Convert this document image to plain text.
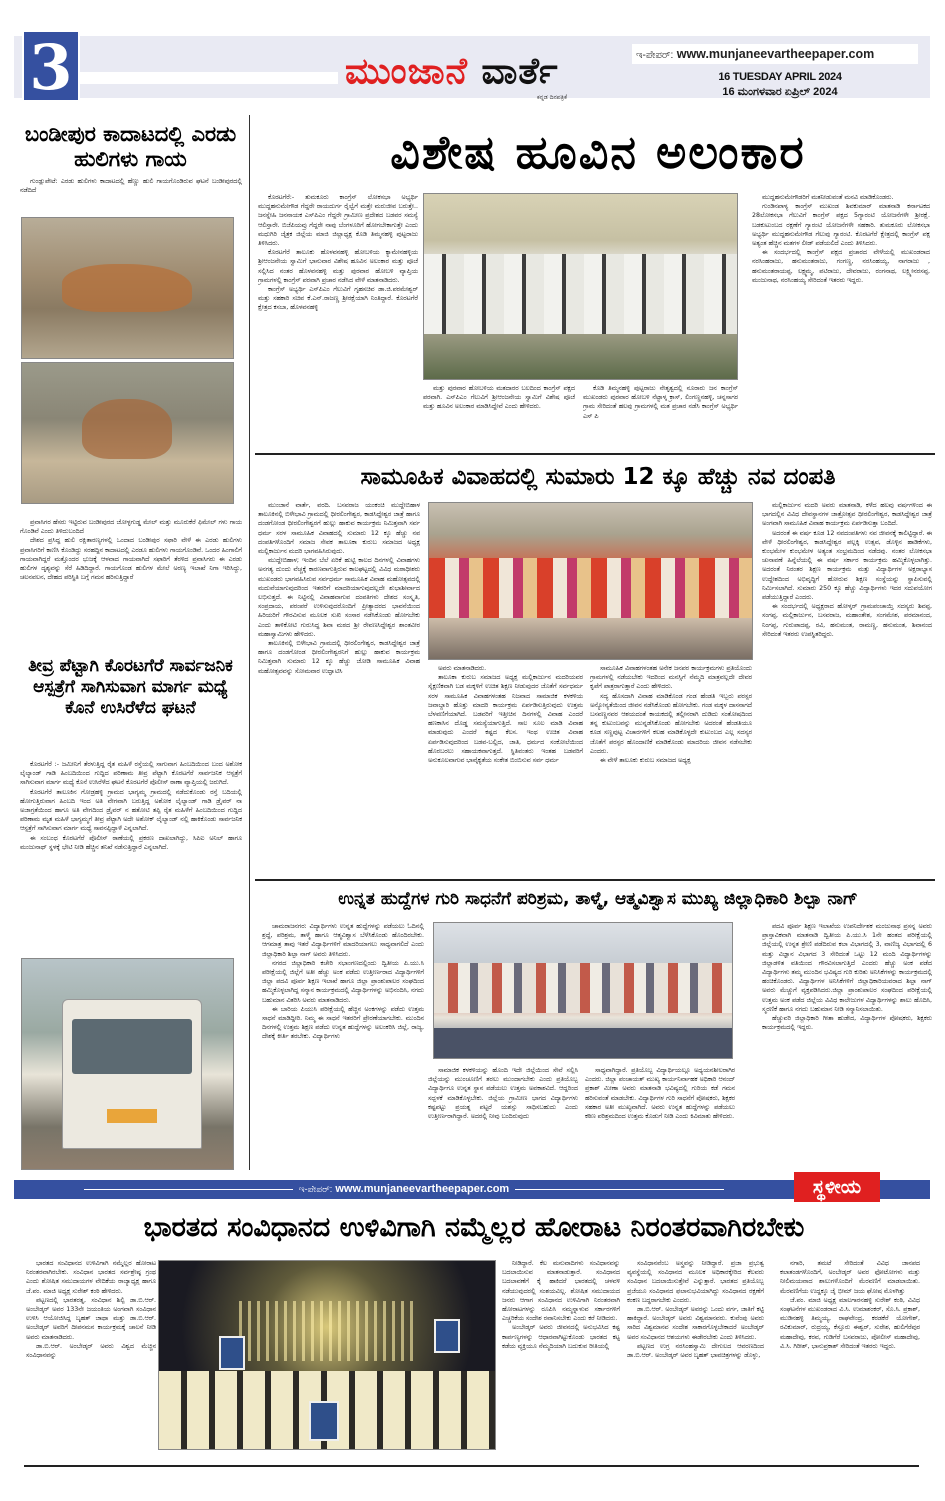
3	ಮುಂಜಾನೆ ವಾರ್ತೆ
ಕನ್ನಡ ದಿನಪತ್ರಿಕೆ
ಇ-ಪೇಪರ್: www.munjaneevartheepaper.com
16 TUESDAY APRIL 2024
16 ಮಂಗಳವಾರ ಏಪ್ರಿಲ್ 2024
ಬಂಡೀಪುರ ಕಾದಾಟದಲ್ಲಿ ಎರಡು ಹುಲಿಗಳು ಗಾಯ

ಗುಂಡ್ಲುಪೇಟೆ: ಎರಡು ಹುಲಿಗಳು ಕಾದಾಟದಲ್ಲಿ ಹೆಣ್ಣು ಹುಲಿ ಗಾಯಗೊಂಡಿರುವ ಘಟನೆ ಬಂಡೀಪುರದಲ್ಲಿ ನಡೆದಿದೆ

ಪ್ರವಾಸಿಗರ ಹೆಸರು ಇಟ್ಟಿರುವ ಬಂಡೀಪುರದ ಜೋಳ್ಳಗುಡ್ಡ ಮೇಲ್ ಮತ್ತು ಮೂರುಕೆರೆ ಫಿಮೇಲ್ ಗಳು ಗಾಯ ಗೊಂಡಿವೆ ಎಂದು ತಿಳಿದುಬಂದಿದೆ

ದೇಶದ ಪ್ರಸಿದ್ಧ ಹುಲಿ ರಕ್ಷಿತಾರಣ್ಯಗಳಲ್ಲಿ ಒಂದಾದ ಬಂಡೀಪುರ ಸಫಾರಿ ವೇಳೆ ಈ ಎರಡು ಹುಲಿಗಳು ಪ್ರವಾಸಿಗರಿಗೆ ಕಾಣಿಸಿ ಕೊಂಡಿದ್ದು ಸರಹದ್ದಿನ ಕಾದಾಟದಲ್ಲಿ ಎರಡೂ ಹುಲಿಗಳು ಗಾಯಗೊಂಡಿವೆ. ಒಂದರ ಹಿಂಗಾಲಿಗೆ ಗಾಯವಾಗಿದ್ದರೆ ಮತ್ತೊಂದರ ಭುಜಕ್ಕೆ ಆಳವಾದ ಗಾಯವಾಗಿದೆ ಸಫಾರಿಗೆ ತೆರಳಿದ ಪ್ರವಾಸಿಗರು ಈ ಎರಡು ಹುಲಿಗಳ ದೃಶ್ಯವನ್ನು ಸೆರೆ ಹಿಡಿದಿದ್ದಾರೆ. ಗಾಯಗೊಂಡ ಹುಲಿಗಳ ಮೇಲೆ ಅರಣ್ಯ ಇಲಾಖೆ ನಿಗಾ ಇರಿಸಿದ್ದು, ಚಲನವಲನ, ದೇಹದ ಪರಿಸ್ಥಿತಿ ಬಗ್ಗೆ ಗಮನ ಹರಿಸುತ್ತಿದ್ದಾರೆ

ತೀವ್ರ ಪೆಟ್ಟಾಗಿ ಕೊರಟಗೆರೆ ಸಾರ್ವಜನಿಕ ಆಸ್ಪತ್ರೆಗೆ ಸಾಗಿಸುವಾಗ ಮಾರ್ಗ ಮಧ್ಯೆ ಕೊನೆ ಉಸಿರೆಳೆದ ಘಟನೆ

ಕೊರಟಗೆರೆ :- ಜಮೀನಿಗೆ ತೆರಳುತ್ತಿದ್ದ ರೈತ ಮಹಿಳೆ ರಸ್ತೆಯಲ್ಲಿ ಸಾಗುವಾಗ ಹಿಂಬದಿಯಿಂದ ಬಂದ ಅಶೋಕ ಲೈಲ್ಯಾಂಡ್ ಗಾಡಿ ಹಿಂಬದಿಯಿಂದ ಗುದ್ದಿದ ಪರಿಣಾಮ ತೀವ್ರ ಪೆಟ್ಟಾಗಿ ಕೊರಟಗೆರೆ ಸಾರ್ವಜನಿಕ ಆಸ್ಪತ್ರೆಗೆ ಸಾಗಿಸುವಾಗ ಮಾರ್ಗ ಮಧ್ಯೆ ಕೊನೆ ಉಸಿರೆಳೆದ ಘಟನೆ ಕೊರಟಗೆರೆ ಪೊಲೀಸ್ ಠಾಣಾ ವ್ಯಾಪ್ತಿಯಲ್ಲಿ ಜರುಗಿದೆ.

ಕೊರಟಗೆರೆ ತಾಲೂಕಿನ ಗೋಡ್ರಹಳ್ಳಿ ಗ್ರಾಮದ ಭಾಗ್ಯಮ್ಮ ಗ್ರಾಮದಲ್ಲಿ ನಡೆದುಕೊಂಡು ರಸ್ತೆ ಬದಿಯಲ್ಲಿ ಹೋಗುತ್ತಿರುವಾಗ ಹಿಂಬದಿ ಇಂದ ಅತಿ ವೇಗವಾಗಿ ಬರುತ್ತಿದ್ದ ಅಶೋಕ ಲೈಲ್ಯಾಂಡ್ ಗಾಡಿ ಡ್ರೈವರ್ ನಾ ಅಜಾಗ್ರತೆಯಿಂದ ಹಾಗೂ ಅತಿ ವೇಗದಿಂದ ಡ್ರೈವರ್ ನ ಹತೋಟಿ ತಪ್ಪಿ ರೈತ ಮಹಿಳೆಗೆ ಹಿಂಬದಿಯಿಂದ ಗುದ್ದಿದ ಪರಿಣಾಮ ಮೃತ ಮಹಿಳೆ ಭಾಗ್ಯಮ್ಮಗೆ ತೀವ್ರ ಪೆಟ್ಟಾಗಿ ಅದೇ ಅಶೋಕ್ ಲೈಲ್ಯಾಂಡ್ ನಲ್ಲಿ ಹಾಕಿಕೊಂಡು ಸಾರ್ವಜನಿಕ ಆಸ್ಪತ್ರೆಗೆ ಸಾಗಿಸುವಾಗ ಮಾರ್ಗ ಮಧ್ಯೆ ಸಾವನಪ್ಪಿದ್ದಾಳೆ ಎನ್ನಲಾಗಿದೆ.

ಈ ಸಂಬಂಧ ಕೊರಟಗೆರೆ ಪೊಲೀಸ್ ಠಾಣೆಯಲ್ಲಿ ಪ್ರಕರಣ ದಾಖಲಾಗಿದ್ದು, ಸಿಪಿಐ ಅನಿಲ್ ಹಾಗೂ ಮಂಜುನಾಥ್ ಸ್ಥಳಕ್ಕೆ ಭೇಟಿ ನೀಡಿ ಹೆಚ್ಚಿನ ತನಿಖೆ ನಡೆಸುತ್ತಿದ್ದಾರೆ ಎನ್ನಲಾಗಿದೆ.

ವಿಶೇಷ ಹೂವಿನ ಅಲಂಕಾರ

ಕೊರಟಗೆರೆ:- ತುಮಕೂರು ಕಾಂಗ್ರೆಸ್ ಲೋಕಸಭಾ ಅಭ್ಯರ್ಥಿ ಮುದ್ದಹನುಮೇಗೌಡ ಗೆದ್ದರೇ ರಾಯದುರ್ಗ ರೈಲ್ವೆಗೆ ಮತ್ತೇ ಮರುಜೀವ ಬರುತ್ತೇ.. ಜನಸ್ನೇಹಿ ಜನನಾಯಕ ಎಸ್‌ಪಿಎಂ ಗೆದ್ದರೇ ಗ್ರಾಮೀಣ ಪ್ರದೇಶದ ಬಡವರ ಸಮಸ್ಯೆ ಆಲಿಸ್ತಾರೇ. ಬಿಜೆಪಿಯವ್ರು ಗೆದ್ದರೇ ನಾವು ಬೆಂಗಳೂರಿಗೆ ಹೋಗಬೇಕಾಗುತ್ತೇ ಎಂದು ಮಧುಗಿರಿ ಜೈತ್ರಕ ಜಿಲ್ಲೆಯ ಮಾಜಿ ಜಿಲ್ಲಾಧ್ಯಕ್ಷ ಕೊಡಿ ತಿಮ್ಮನಹಳ್ಳಿ ಪುಟ್ಟರಾಜು ತಿಳಿಸಿದರು.

ಕೊರಟಗೆರೆ ತಾಲೂಕು ಹೊಳವನಹಳ್ಳಿ ಹೋಬಳಿಯ ಕ್ಯಾಮೇನಹಳ್ಳಿಯ ಶ್ರೀಆಂಜನೇಯ ಸ್ವಾಮಿಗೆ ಭಾನುವಾರ ವಿಶೇಷ ಹೂವಿನ ಅಲಂಕಾರ ಮತ್ತು ಪೂಜೆ ಸಲ್ಲಿಸಿದ ನಂತರ ಹೊಳವನಹಳ್ಳಿ ಮತ್ತು ಪುರವಾರ ಹೋಬಳಿ ವ್ಯಾಪ್ತಿಯ ಗ್ರಾಮಗಳಲ್ಲಿ ಕಾಂಗ್ರೆಸ್ ಪರವಾಗಿ ಪ್ರಚಾರ ನಡೆಸಿದ ವೇಳೆ ಮಾತನಾಡಿದರು.

ಕಾಂಗ್ರೆಸ್ ಅಭ್ಯರ್ಥಿ ಎಸ್‌ಪಿಎಂ ಗೆಲುವಿಗೆ ಗೃಹಸಚಿವ ಡಾ.ಜಿ.ಪರಮೇಶ್ವರ್ ಮತ್ತು ಸಹಕಾರಿ ಸಚಿವ ಕೆ.ಎನ್.ರಾಜಣ್ಣ ಶ್ರೀರಕ್ಷೆಯಾಗಿ ನಿಂತಿದ್ದಾರೆ. ಕೊರಟಗೆರೆ ಕ್ಷೇತ್ರದ ಕಸಬಾ, ಹೊಳವನಹಳ್ಳಿ

ಮತ್ತು ಪುರವಾರ ಹೋಬಳಿಯ ಮತದಾರರ ಬಲದಿಂದ ಕಾಂಗ್ರೆಸ್ ಪಕ್ಷದ ಪರವಾಗಿ. ಎಸ್‌ಪಿಎಂ ಗೆಲುವಿಗೆ ಶ್ರೀಆಂಜನೇಯ ಸ್ವಾಮಿಗೆ ವಿಶೇಷ ಪೂಜೆ ಮತ್ತು ಹೂವಿನ ಅಲಂಕಾರ ಮಾಡಿಸಿದ್ದೇವೆ ಎಂದು ಹೇಳಿದರು.

ಕೊಡಿ ತಿಮ್ಮನಹಳ್ಳಿ ಪುಟ್ಟರಾಜು ನೇತೃತ್ವದಲ್ಲಿ ನೂರಾರು ಜನ ಕಾಂಗ್ರೆಸ್ ಮುಖಂಡರು ಪುರವಾರ ಹೋಬಳಿ ನೆಟ್ಟಾಳ್ಕ ಕ್ರಾಸ್, ಲಿಂಗಣ್ಣನಹಳ್ಳಿ, ಚನ್ನಸಾಗರ ಗ್ರಾಮ ಸೇರಿದಂತೆ ಹಲವು ಗ್ರಾಮಗಳಲ್ಲಿ ಮತ ಪ್ರಚಾರ ನಡೆಸಿ ಕಾಂಗ್ರೆಸ್ ಅಭ್ಯರ್ಥಿ ಎಸ್ ಪಿ

ಮುದ್ದಹನುಮೇಗೌಡರಿಗೆ ಮತನೀಡುವಂತೆ ಮನವಿ ಮಾಡಿಕೊಂಡರು.

ಗುಂಡಿನಪಾಳ್ಯ ಕಾಂಗ್ರೆಸ್ ಮುಖಂಡ ಶಿವಕುಮಾರ್ ಮಾತನಾಡಿ ಕರ್ನಾಟಕದ 28ಲೋಕಸಭಾ ಗೆಲುವಿಗೆ ಕಾಂಗ್ರೆಸ್ ಪಕ್ಷದ 5ಗ್ಯಾರಂಟಿ ಯೋಜನೆಗಳೇ ಶ್ರೀರಕ್ಷೆ. ಬಡಕುಟುಂಬದ ರಕ್ಷಣೆಗೆ ಗ್ಯಾರಂಟಿ ಯೋಜನೆಗಳೇ ಸಹಕಾರಿ. ತುಮಕೂರು ಲೋಕಸಭಾ ಅಭ್ಯರ್ಥಿ ಮುದ್ದಹನುಮೇಗೌಡ ಗೆಲುವು ಗ್ಯಾರಂಟಿ. ಕೊರಟಗೆರೆ ಕ್ಷೇತ್ರದಲ್ಲಿ ಕಾಂಗ್ರೆಸ್ ಪಕ್ಷ ಅತ್ಯಂತ ಹೆಚ್ಚಿನ ಮತಗಳ ಲೀಡ್ ಪಡೆಯಲಿದೆ ಎಂದು ತಿಳಿಸಿದರು.

ಈ ಸಂದರ್ಭದಲ್ಲಿ ಕಾಂಗ್ರೆಸ್ ಪಕ್ಷದ ಪ್ರಚಾರದ ವೇಳೆಯಲ್ಲಿ ಮುಖಂಡರಾದ ನರಸಿಂಹರಾಜು, ಹನುಮಂತರಾಜು, ಗಂಗಣ್ಣ, ನರಸಿಂಹಯ್ಯ, ನಾಗರಾಜು , ಹನುಮಂತರಾಯಪ್ಪ, ಲಕ್ಷ್ಮಮ್ಮ, ಪಟಿರಾಜು, ದೇವರಾಜು, ರಂಗನಾಥ, ಲಕ್ಷ್ಮೀನರಸಪ್ಪ, ಮಂಜುನಾಥ, ನರಸಿಂಹಯ್ಯ ಸೇರಿದಂತೆ ಇತರರು ಇದ್ದರು.

ಸಾಮೂಹಿಕ ವಿವಾಹದಲ್ಲಿ ಸುಮಾರು 12 ಕ್ಕೂ ಹೆಚ್ಚು ನವ ದಂಪತಿ

ಮುಂಜಾನೆ ವಾರ್ತೆ, ವರದಿ. ಬಸವರಾಜ ಯಂಕಂಚಿ ಮುದ್ದೇಬಿಹಾಳ ತಾಲೂಕಿನಲ್ಲಿ ಬಿಳೇಭಾವಿ ಗ್ರಾಮದಲ್ಲಿ ಧೀರಲಿಂಗೇಶ್ವರ, ಕಾಡಸಿದ್ದೇಶ್ವರ ಜಾತ್ರೆ ಹಾಗೂ ದಂಡಗೋಂಡ ಧೀರಲಿಂಗೇಶ್ವರಗೆ ಹುಲ್ಲು ಹಾಕುವ ಕಾರ್ಯಕ್ರಮ ನಿಮಿತ್ತವಾಗಿ ಸರ್ವ ಧರ್ಮ ಸರಳ ಸಾಮೂಹಿಕ ವಿವಾಹದಲ್ಲಿ ಸುಮಾರು 12 ಕ್ಕೂ ಹೆಚ್ಚು ನವ ದಂಪತಿಗಳೊಂದಿಗೆ ಸಮಾಜ ಸೇವಕ ತಾಲೂಕಾ ಕುರುಬ ಸಮಾಜದ ಅಧ್ಯಕ್ಷ ಮಲ್ಲಿಕಾರ್ಜುನ ಮದರಿ ಭಾಗವಹಿಸಿರುವುದು.

ಮುದ್ದೇಬಿಹಾಳ; ಇಂದಿನ ಬೆಲೆ ಏರಿಕೆ ಹುಟ್ಟಿ ಕಾಲದ ದಿನಗಳಲ್ಲಿ ವಿವಾಹಗಳು ಅನಗತ್ಯ ದುಂದು ವೆಚ್ಚಕ್ಕೆ ಕಾರಣವಾಗುತ್ತಿರುವ ಕಾಲಘಟ್ಟದಲ್ಲಿ ವಿವಿಧ ಮಠಾಧೀಶರು ಮುಖಂಡರು ಭಾಗವಹಿಸಿರುವ ಸರ್ವಧರ್ಮ ಸಾಮೂಹಿಕ ವಿವಾಹ ಮಹೋತ್ಸವದಲ್ಲಿ ಮದುವೆಯಾಗುವುದರಿಂದ ಇತರರಿಗೆ ಮಾದರಿಯಾಗುವುದಲ್ಲದೇ ಶುಭಾಶೀರ್ವಾದ ಲಭಿಸುತ್ತದೆ. ಈ ನಿಟ್ಟಿನಲ್ಲಿ ವಿವಾಹವಾಗುವ ದಂಪತಿಗಳು ದೇಶದ ಸಂಸ್ಕೃತಿ, ಸಂಪ್ರದಾಯ, ಪರಂಪರೆ ಉಳಿಸುವುದರೊಂದಿಗೆ ಪ್ರೀತ್ಯಾದರದ ಭಾವನೆಯಿಂದ ಹಿರಿಯರಿಗೆ ಗೌರವಿಸುವ ಮೂಲಕ ಸುಖಿ ಸಂಸಾರ ನಡೆಸಿಕೊಂಡು ಹೋಗಬೇಕು ಎಂದು ತಾಳಿಕೋಟಿ ಗುರುಸಿದ್ಧ ಶಿವಾ ಮಠದ ಶ್ರೀ ರೇವಣಸಿದ್ದೇಶ್ವರ ಶಾಂತವೀರ ಮಹಾಸ್ವಾಮಿಗಳು ಹೇಳಿದರು.

ತಾಲೂಕಿನಲ್ಲಿ ಬಿಳೇಭಾವಿ ಗ್ರಾಮದಲ್ಲಿ ಧೀರಲಿಂಗೇಶ್ವರ, ಕಾಡಸಿದ್ದೇಶ್ವರ ಜಾತ್ರೆ ಹಾಗೂ ದಂಡಗೋಂಡ ಧೀರಲಿಂಗೇಶ್ವರನಿಗೆ ಹುಲ್ಲು ಹಾಕುವ ಕಾರ್ಯಕ್ರಮ ನಿಮಿತ್ತವಾಗಿ ಸುಮಾರು 12 ಕ್ಕೂ ಹೆಚ್ಚು ಜೋಡಿ ಸಾಮೂಹಿಕ ವಿವಾಹ ಮಹೋತ್ಸವವನ್ನು ಸೋಮವಾರ ಉದ್ಘಾಟಿಸಿ	ಅವರು ಮಾತನಾಡಿದರು.

ತಾಲೂಕಾ ಕುರುಬ ಸಮಾಜದ ಅಧ್ಯಕ್ಷ ಮಲ್ಲಿಕಾರ್ಜುನ ಮದರಿಯವರ ಸೈಕ್ಷಣಿಕವಾಗಿ ಬಡ ಮಕ್ಕಳಿಗೆ ಉಚಿತ ಶಿಕ್ಷಣ ನೀಡುವುದರ ಜೊತೆಗೆ ಸರ್ವಧರ್ಮ ಸರಳ ಸಾಮೂಹಿಕ ವಿವಾಹಗಳಂತಹ ನಿಜವಾದ ಸಾಮಾಜಿಕ ಕಳಕಳಿಯ ಜವಾಬ್ದಾರಿ ಹೊತ್ತು ಮಾದರಿ ಕಾರ್ಯಕ್ರಮ ಏರ್ಪಡಿಸುತ್ತಿರುವುದು ಉತ್ತಮ ಬೆಳವಣಿಗೆಯಾಗಿದೆ. ಬಡವರಿಗೆ ಇತ್ತೀಚಿನ ದಿನಗಳಲ್ಲಿ ವಿವಾಹ ಎಂದರೆ ಹಣಕಾಸಿನ ದೊಡ್ಡ ಸಮಸ್ಯೆಯಾಗುತ್ತಿದೆ. ಸಾಲ ಸೂಲ ಮಾಡಿ ವಿವಾಹ ಮಾಡುವುದು ಎಂದರೆ ಕಷ್ಟದ ಕೆಲಸ. ಇಂಥ ಉಚಿತ ವಿವಾಹ ಏರ್ಪಡಿಸುವುದರಿಂದ ಬಡವ-ಬಲ್ಲಿದ, ಜಾತಿ, ಧರ್ಮದ ಸಂಕೋಲೆಯಿಂದ ಹೊರಬರಲು ಸಹಾಯಕವಾಗುತ್ತದೆ. ಸ್ಥಿತಿವಂತರು ಇಂತಹ ಬಡವರಿಗೆ ಅನುಕೂಲವಾಗುವ ಭಾವೈಕ್ಯತೆಯ ಸಂಕೇತ ಬಿಂಬಿಸುವ ಸರ್ವ ಧರ್ಮ

ಸಾಮೂಹಿಕ ವಿವಾಹಗಳಂತಹ ಅನೇಕ ಜನಪರ ಕಾರ್ಯಕ್ರಮಗಳು ಪ್ರತಿಯೊಂದು ಗ್ರಾಮಗಳಲ್ಲಿ ನಡೆಯಬೇಕು ಇದರಿಂದ ಮನಸ್ಸಿಗೆ ನೆಮ್ಮದಿ ಮಾತ್ರವಲ್ಲದೇ ದೇವರ ಕೃಪೆಗೆ ಪಾತ್ರರಾಗುತ್ತಾರೆ ಎಂದು ಹೇಳಿದರು.

ಸದ್ಯ ಹೊಸದಾಗಿ ವಿವಾಹ ಮಾಡಿಕೊಂಡ ಗಂಡ ಹೆಂಡತಿ ಇಬ್ಬರು ಪರಸ್ಪರ ಅನ್ಯೋನ್ಯತೆಯಿಂದ ಜೀವನ ನಡೆಸಿಕೊಂಡು ಹೋಗಬೇಕು. ಗಂಡ ಮಕ್ಕಳ ದಾಸನಾಗದೆ ಬಸವಣ್ಣನವರ ಆಶಯದಂತೆ ಕಾಯಕದಲ್ಲಿ ತಲ್ಲೀನರಾಗಿ ದುಡಿದು ಸಂತೋಷದಿಂದ ತನ್ನ ಕುಟುಂಬವನ್ನು ಮುನ್ನಡೆಸಿಕೊಂಡು ಹೋಗಬೇಕು ಅದರಂತೆ ಹೆಂಡತಿಯೂ ಕೂಡ ಸಣ್ಣಪುಟ್ಟ ವಿಚಾರಗಳಿಗೆ ಕಲಹ ಮಾಡಿಕೊಳ್ಳದೇ ಕುಟುಂಬದ ಎಲ್ಲ ಸದಸ್ಯರ ಜೊತೆಗೆ ಪರಸ್ಪರ ಹೊಂದಾಣಿಕೆ ಮಾಡಿಕೊಂಡು ಮಾದರಿಯ ಜೀವನ ನಡೆಸಬೇಕು ಎಂದರು.

ಈ ವೇಳೆ ತಾಲೂಕು ಕುರುಬ ಸಮಾಜದ ಅಧ್ಯಕ್ಷ

ಮಲ್ಲಿಕಾರ್ಜುನ ಮದರಿ ಅವರು ಮಾತನಾಡಿ, ಕಳೆದ ಹಲವು ವರ್ಷಗಳಿಂದ ಈ ಭಾಗದಲ್ಲಿನ ವಿವಿಧ ದೇವಸ್ಥಾನಗಳ ಜಾತ್ರೋತ್ಸವ ಧೀರಲಿಂಗೇಶ್ವರ, ಕಾಡಸಿದ್ದೇಶ್ವರ ಜಾತ್ರೆ ಅಂಗವಾಗಿ ಸಾಮೂಹಿಕ ವಿವಾಹ ಕಾರ್ಯಕ್ರಮ ಏರ್ಪಡಿಸುತ್ತಾ ಬಂದಿದೆ.

ಅದರಂತೆ ಈ ವರ್ಷ ಕೂಡ 12 ನವದಂಪತಿಗಳು ನವ ಜೀವನಕ್ಕೆ ಕಾಲಿಟ್ಟಿದ್ದಾರೆ. ಈ ವೇಳೆ ಧೀರಲಿಂಗೇಶ್ವರ, ಕಾಡಸಿದ್ದೇಶ್ವರ ಪಲ್ಲಕ್ಕಿ ಉತ್ಸವ, ಡೊಳ್ಳಿನ ಹಾಡಿಕೆಗಳು, ಕುಂಭಮೇಳ ಕುಂಭಮೇಳ ಅತ್ಯಂತ ಸಂಭ್ರಮದಿಂದ ನಡೆದವು. ನಂತರ ಲೋಕಸಭಾ ಚುನಾವಣೆ ಹಿನ್ನೆಲೆಯಲ್ಲಿ ಈ ವರ್ಷ ಸರ್ಕಾರ ಕಾರ್ಯಕ್ರಮ ಹಮ್ಮಿಕೊಳ್ಳಲಾಗಿತ್ತು. ಅದರಂತೆ ನಿರಂತರ ಶಿಕ್ಷಣ ಕಾರ್ಯಕ್ರಮ ಮತ್ತು ವಿದ್ಯಾರ್ಥಿಗಳ ಅಕ್ಷರಾಭ್ಯಾಸ ಉದ್ದೇಶದಿಂದ ಅಭಿವೃದ್ಧಿಗೆ ಹೋರುವ ಶಿಕ್ಷಣ ಸಂಸ್ಥೆಯನ್ನು ಸ್ಥಾಪಿಸುವಲ್ಲಿ ನಿರ್ಮಿಸಲಾಗಿದೆ. ಸುಮಾರು 250 ಕ್ಕೂ ಹೆಚ್ಚು ವಿದ್ಯಾರ್ಥಿಗಳು ಇದರ ಸದುಪಯೋಗ ಪಡೆಯುತ್ತಿದ್ದಾರೆ ಎಂದರು.

ಈ ಸಂದರ್ಭದಲ್ಲಿ ಅಧ್ಯಕ್ಷರಾದ ಹೋಳ್ಕರ್ ಗ್ರಾಮಪಂಚಾಯ್ತಿ ಸದಸ್ಯರು ಶಿವಪ್ಪ, ಸಂಗಪ್ಪ, ಮಲ್ಲಿಕಾರ್ಜುನ, ಬಸವರಾಜ, ಮಹಾಂತೇಶ, ಸಂಗಮೇಶ, ಪರಮಾನಂದ, ನಿಂಗಪ್ಪ, ಗುರುಪಾದಪ್ಪ, ರವಿ, ಹನುಮಂತ, ರಾಮಣ್ಣ, ಹನುಮಂತ, ಶಿವಾನಂದ ಸೇರಿದಂತೆ ಇತರರು ಉಪಸ್ಥಿತರಿದ್ದರು.

ಉನ್ನತ ಹುದ್ದೆಗಳ ಗುರಿ ಸಾಧನೆಗೆ ಪರಿಶ್ರಮ, ತಾಳ್ಮೆ, ಆತ್ಮವಿಶ್ವಾಸ ಮುಖ್ಯ ಜಿಲ್ಲಾಧಿಕಾರಿ ಶಿಲ್ಪಾ ನಾಗ್

ಚಾಮರಾಜನಗರ: ವಿದ್ಯಾರ್ಥಿಗಳು ಉನ್ನತ ಹುದ್ದೆಗಳನ್ನು ಪಡೆಯಲು ಓದಿನಲ್ಲಿ ಶ್ರದ್ಧೆ, ಪರಿಶ್ರಮ, ತಾಳ್ಮೆ ಹಾಗೂ ಆತ್ಮವಿಶ್ವಾಸ ಬೆಳೆಸಿಕೊಂಡು ಹೊಂದಿರಬೇಕು. ಆಗಮಾತ್ರ ತಾವು ಇತರೆ ವಿದ್ಯಾರ್ಥಿಗಳಿಗೆ ಮಾದರಿಯಾಗಲು ಸಾಧ್ಯವಾಗಲಿದೆ ಎಂದು ಜಿಲ್ಲಾಧಿಕಾರಿ ಶಿಲ್ಪಾ ನಾಗ್ ಅವರು ತಿಳಿಸಿದರು.

ನಗರದ ಜಿಲ್ಲಾಧಿಕಾರಿ ಕಚೇರಿ ಸಭಾಂಗಣದಲ್ಲಿಂದು ದ್ವಿತೀಯ ಪಿ.ಯು.ಸಿ ಪರೀಕ್ಷೆಯಲ್ಲಿ ಜಿಲ್ಲೆಗೆ ಅತೀ ಹೆಚ್ಚು ಅಂಕ ಪಡೆದು ಉತ್ತೀರ್ಣರಾದ ವಿದ್ಯಾರ್ಥಿಗಳಿಗೆ ಜಿಲ್ಲಾ ಪದವಿ ಪೂರ್ವ ಶಿಕ್ಷಣ ಇಲಾಖೆ ಹಾಗೂ ಜಿಲ್ಲಾ ಪ್ರಾಂಶುಪಾಲರ ಸಂಘದಿಂದ ಹಮ್ಮಿಕೊಳ್ಳಲಾಗಿದ್ದ ಸನ್ಮಾನ ಕಾರ್ಯಕ್ರಮದಲ್ಲಿ ವಿದ್ಯಾರ್ಥಿಗಳನ್ನು ಅಭಿನಂದಿಸಿ, ನಗದು ಬಹುಮಾನ ವಿತರಿಸಿ ಅವರು ಮಾತನಾಡಿದರು.

ಈ ಬಾರಿಯ ಪಿಯುಸಿ ಪರೀಕ್ಷೆಯಲ್ಲಿ ಹೆಚ್ಚಿನ ಅಂಕಗಳನ್ನು ಪಡೆದು ಉತ್ತಮ ಸಾಧನೆ ಮಾಡಿದ್ದೀರಿ. ನಿಮ್ಮ ಈ ಸಾಧನೆ ಇತರರಿಗೆ ಪ್ರೇರಣೆಯಾಗಬೇಕು. ಮುಂದಿನ ದಿನಗಳಲ್ಲಿ ಉತ್ತಮ ಶಿಕ್ಷಣ ಪಡೆದು ಉನ್ನತ ಹುದ್ದೆಗಳನ್ನು ಅಲಂಕರಿಸಿ ಜಿಲ್ಲೆ, ರಾಜ್ಯ, ದೇಶಕ್ಕೆ ಕೀರ್ತಿ ತರಬೇಕು. ವಿದ್ಯಾರ್ಥಿಗಳು

ಸಾಮಾಜಿಕ ಕಳಕಳಿಯನ್ನು ಹೊಂದಿ ಇದೇ ಜಿಲ್ಲೆಯಿಂದ ಸೇವೆ ಸಲ್ಲಿಸಿ ಜಿಲ್ಲೆಯನ್ನು ಮುಂಚೂಣಿಗೆ ತರಲು ಮುಂದಾಗಬೇಕು ಎಂದು ಪ್ರತಿಯೊಬ್ಬ ವಿದ್ಯಾರ್ಥಿಗೂ ಉನ್ನತ ಸ್ಥಾನ ಪಡೆಯಲು ಉತ್ತಮ ಅವಕಾಶವಿದೆ. ಆದ್ದರಿಂದ ಸದ್ಬಳಕೆ ಮಾಡಿಕೊಳ್ಳಬೇಕು. ಜಿಲ್ಲೆಯ ಗ್ರಾಮೀಣ ಭಾಗದ ವಿದ್ಯಾರ್ಥಿಗಳು ಕಷ್ಟಪಟ್ಟು ಪ್ರಯತ್ನ ಪಟ್ಟರೆ ಯಶಸ್ಸು ಸಾಧಿಸಬಹುದು ಎಂದು ಉತ್ತೀರ್ಣರಾಗಿದ್ದಾರೆ. ಅದರಲ್ಲಿ ನೀವು ಬಂದಿರುವುದು

ಸಾಧ್ಯವಾಗಿದ್ದಾರೆ. ಪ್ರತಿಯೊಬ್ಬ ವಿದ್ಯಾರ್ಥಿಯಲ್ಲೂ ಅಧ್ಯಯನಶೀಲರಾಗಿರ ಎಂದರು. ಜಿಲ್ಲಾ ಪಂಚಾಯತ್ ಮುಖ್ಯ ಕಾರ್ಯನಿರ್ವಾಹಕ ಅಧಿಕಾರಿ ಆನಂದ್ ಪ್ರಕಾಶ್ ಮೀಣಾ ಅವರು ಮಾತನಾಡಿ ಭವಿಷ್ಯದಲ್ಲಿ ಗುರಿಯ ಕಡೆ ಗಮನ ಹರಿಸುವಂತೆ ಮಾಡಬೇಕು. ವಿದ್ಯಾರ್ಥಿಗಳ ಗುರಿ ಸಾಧನೆಗೆ ಪೋಷಕರು, ಶಿಕ್ಷಕರ ಸಹಕಾರ ಅತೀ ಮುಖ್ಯವಾಗಿದೆ. ಅವರು ಉನ್ನತ ಹುದ್ದೆಗಳನ್ನು ಪಡೆಯಲು ಕಠಿಣ ಪರಿಶ್ರಮದಿಂದ ಉತ್ತಮ ಕೊಡುಗೆ ನೀಡಿ ಎಂದು ಕಿವಿಮಾತು ಹೇಳಿದರು.

ಪದವಿ ಪೂರ್ವ ಶಿಕ್ಷಣ ಇಲಾಖೆಯ ಉಪನಿರ್ದೇಶಕ ಮಂಜುನಾಥ ಪ್ರಸನ್ನ ಅವರು ಪ್ರಾಸ್ತಾವಿಕವಾಗಿ ಮಾತನಾಡಿ ದ್ವಿತೀಯ ಪಿ.ಯು.ಸಿ 1ನೇ ಹಂತದ ಪರೀಕ್ಷೆಯಲ್ಲಿ ಜಿಲ್ಲೆಯಲ್ಲಿ ಉನ್ನತ ಶ್ರೇಣಿ ಪಡೆದಿರುವ ಕಲಾ ವಿಭಾಗದಲ್ಲಿ 3, ವಾಣಿಜ್ಯ ವಿಭಾಗದಲ್ಲಿ 6 ಮತ್ತು ವಿಜ್ಞಾನ ವಿಭಾಗದ 3 ಸೇರಿದಂತೆ ಒಟ್ಟು 12 ಮಂದಿ ವಿದ್ಯಾರ್ಥಿಗಳನ್ನು ಜಿಲ್ಲಾಡಳಿತ ವತಿಯಿಂದ ಗೌರವಿಸಲಾಗುತ್ತಿದೆ ಎಂದರು ಹೆಚ್ಚು ಅಂಕ ಪಡೆದ ವಿದ್ಯಾರ್ಥಿಗಳು ತಮ್ಮ ಮುಂದಿನ ಭವಿಷ್ಯದ ಗುರಿ ಕುರಿತು ಅನಿಸಿಕೆಗಳನ್ನು ಕಾರ್ಯಕ್ರಮದಲ್ಲಿ ಹಂಚಿಕೊಂಡರು. ವಿದ್ಯಾರ್ಥಿಗಳ ಅನಿಸಿಕೆಗಳಿಗೆ ಜಿಲ್ಲಾಧಿಕಾರಿಯವರಾದ ಶಿಲ್ಪಾ ನಾಗ್ ಅವರು ಮೆಚ್ಚುಗೆ ವ್ಯಕ್ತಪಡಿಸಿದರು.ಜಿಲ್ಲಾ ಪ್ರಾಂಶುಪಾಲರ ಸಂಘದಿಂದ ಪರೀಕ್ಷೆಯಲ್ಲಿ ಉತ್ತಮ ಅಂಕ ಪಡೆದ ಜಿಲ್ಲೆಯ ವಿವಿಧ ಕಾಲೇಜುಗಳ ವಿದ್ಯಾರ್ಥಿಗಳನ್ನು ಶಾಲು ಹೊದಿಸಿ, ಸ್ಮರಣಿಕೆ ಹಾಗೂ ನಗದು ಬಹುಮಾನ ನೀಡಿ ಸನ್ಮಾನಿಸಲಾಯಿತು.

ಹೆಚ್ಚುವರಿ ಜಿಲ್ಲಾಧಿಕಾರಿ ಗೀತಾ ಹುಡೇದ, ವಿದ್ಯಾರ್ಥಿಗಳ ಪೋಷಕರು, ಶಿಕ್ಷಕರು ಕಾರ್ಯಕ್ರಮದಲ್ಲಿ ಇದ್ದರು.

ಇ-ಪೇಪರ್: www.munjaneevartheepaper.com	ಸ್ಥಳೀಯ
ಭಾರತದ ಸಂವಿಧಾನದ ಉಳಿವಿಗಾಗಿ ನಮ್ಮೆಲ್ಲರ ಹೋರಾಟ ನಿರಂತರವಾಗಿರಬೇಕು

ಭಾರತದ ಸಂವಿಧಾನದ ಉಳಿವಿಗಾಗಿ ನಮ್ಮೆಲ್ಲರ ಹೋರಾಟ ನಿರಂತರವಾಗಿರಬೇಕು. ಸಂವಿಧಾನ ಭಾರತದ ಸರ್ವಶ್ರೇಷ್ಠ ಗ್ರಂಥ ಎಂದು ಶೋಷಿತ ಸಮುದಾಯಗಳ ವೇದಿಕೆಯ ರಾಜ್ಯಾಧ್ಯಕ್ಷ ಹಾಗೂ ಜೆ.ಪಂ. ಮಾಜಿ ಅಧ್ಯಕ್ಷ ಸುರೇಶ್ ಕಂಠಿ ಹೇಳಿದರು.

ಪಟ್ಟಣದಲ್ಲಿ ಭಾರತರತ್ನ, ಸಂವಿಧಾನ ಶಿಲ್ಪಿ ಡಾ.ಬಿ.ಆರ್. ಅಂಬೇಡ್ಕರ್ ಅವರ 133ನೇ ಜಯಂತಿಯ ಅಂಗವಾಗಿ ಸಂವಿಧಾನ ಉಳಿಸಿ ಆಯೋಜಿಸಿದ್ದ ಬೃಹತ್ ಜಾಥಾ ಮತ್ತು ಡಾ.ಬಿ.ಆರ್. ಅಂಬೇಡ್ಕರ್ ಅವರಿಗೆ ದೀಪನಮನ ಕಾರ್ಯಕ್ರಮಕ್ಕೆ ಚಾಲನೆ ನೀಡಿ ಅವರು ಮಾತನಾಡಿದರು.

ಡಾ.ಬಿ.ಆರ್. ಅಂಬೇಡ್ಕರ್ ಅವರು ವಿಶ್ವದ ಮೆಚ್ಚಿನ ಸಂವಿಧಾನವನ್ನು

ನೀಡಿದ್ದಾರೆ. ಕೆಲ ಮನುವಾದಿಗಳು ಸಂವಿಧಾನವನ್ನು ಬದಲಾಯಿಸುವ ಮಾತನಾಡುತ್ತಾರೆ. ಸಂವಿಧಾನದ ಬದಲಾವಣೆಗೆ ಕೈ ಹಾಕಿದರೆ ಭಾರತದಲ್ಲಿ ಚಳವಳಿ ನಡೆಯುವುದರಲ್ಲಿ ಸಂಶಯವಿಲ್ಲ. ಶೋಷಿತ ಸಮುದಾಯದ ಜನರು ಆಗಾಗ ಸಂವಿಧಾನದ ಉಳಿವಿಗಾಗಿ ನಿರಂತರವಾಗಿ ಹೋರಾಟಗಳನ್ನು ರೂಪಿಸಿ ನಮ್ಮನ್ನಾಳುವ ಸರ್ಕಾರಗಳಿಗೆ ಎಚ್ಚರಿಕೆಯ ಸಂದೇಶ ರವಾನಿಸಬೇಕು ಎಂದು ಕರೆ ನೀಡಿದರು.

ಅಂಬೇಡ್ಕರ್ ಅವರು ಜೀವನದಲ್ಲಿ ಅನುಭವಿಸಿದ ಕಷ್ಟ ಕಾರ್ಪಣ್ಯಗಳನ್ನು ಆಧಾರವಾಗಿಟ್ಟುಕೊಂಡು ಭಾರತದ ಕಟ್ಟ ಕಡೆಯ ವ್ಯಕ್ತಿಯೂ ನೆಮ್ಮದಿಯಾಗಿ ಬದುಕುವ ರೀತಿಯಲ್ಲಿ

ಸಂವಿಧಾನವೆಂಬ ಅಸ್ತ್ರವನ್ನು ನೀಡಿದ್ದಾರೆ. ಪ್ರಜಾ ಪ್ರಭುತ್ವ ವ್ಯವಸ್ಥೆಯಲ್ಲಿ ಸಂವಿಧಾನದ ಮೂಲಕ ಅಧಿಕಾರಕ್ಕೇರಿದ ಕೆಲವರು ಸಂವಿಧಾನ ಬದಲಾಯಿಸುತ್ತೇವೆ ಎನ್ನುತ್ತಾರೆ. ಭಾರತದ ಪ್ರತಿಯೊಬ್ಬ ಪ್ರಜೆಯೂ ಸಂವಿಧಾನದ ಫಲಾನುಭವಿಯಾಗಿದ್ದು ಸಂವಿಧಾನದ ರಕ್ಷಣೆಗೆ ಕಂಕಣ ಬದ್ಧರಾಗಬೇಕು ಎಂದರು.

ಡಾ.ಬಿ.ಆರ್. ಅಂಬೇಡ್ಕರ್ ಅವರನ್ನು ಒಂದು ವರ್ಗ, ಜಾತಿಗೆ ಕಟ್ಟಿ ಹಾಕಿದ್ದಾರೆ. ಅಂಬೇಡ್ಕರ್ ಅವರು ವಿಶ್ವಮಾನವರು. ಕುವೆಂಪು ಅವರು ಸಾರಿದ ವಿಶ್ವಮಾನವ ಸಂದೇಶ ಸಾಕಾರಗೊಳ್ಳಬೇಕಾದರೆ ಅಂಬೇಡ್ಕರ್ ಅವರ ಸಂವಿಧಾನದ ಆಶಯಗಳು ಈಡೇರಬೇಕು ಎಂದು ತಿಳಿಸಿದರು.

ಪಟ್ಟಣದ ಉಗ್ರ ನರಸಿಂಹಸ್ವಾಮಿ ದೇಗುಲದ ಆವರಣದಿಂದ ಡಾ.ಬಿ.ಆರ್. ಅಂಬೇಡ್ಕರ್ ಅವರ ಬೃಹತ್ ಭಾವಚಿತ್ರಗಳನ್ನು ಡೊಳ್ಳು,

ನಗಾರಿ, ತಮಟೆ ಸೇರಿದಂತೆ ವಿವಿಧ ಜಾನಪದ ಕಲಾತಂಡಗಳೊಂದಿಗೆ, ಅಂಬೇಡ್ಕರ್ ಅವರ ಫೋಟೋಗಳು ಮತ್ತು ನೀಲಿಮಯವಾದ ಶಾಲುಗಳೊಂದಿಗೆ ಮೆರವಣಿಗೆ ಮಾಡಲಾಯಿತು. ಮೆರವಣಿಗೆಯ ಉದ್ದಕ್ಕೂ ಜೈ ಭೀಮ್ ಜಯ ಘೋಷ ಮೊಳಗಿತ್ತು

ಜೆ.ಪಂ. ಮಾಜಿ ಅಧ್ಯಕ್ಷ ಮಾಲಗಾರನಹಳ್ಳಿ ಸುರೇಶ್ ಕಂಠಿ, ವಿವಿಧ ಸಂಘಟನೆಗಳ ಮುಖಂಡರಾದ ವಿ.ಸಿ. ಉಮಾಶಂಕರ್, ಸೊ.ಸಿ. ಪ್ರಕಾಶ್, ಮುಡಿನಹಳ್ಳಿ ತಿಮ್ಮಯ್ಯ, ರಾಘವೇಂದ್ರ, ಕರಡಕೆರೆ ಯೋಗೇಶ್, ರವಿಕುಮಾರ್, ರುದ್ರಯ್ಯ, ಕೆಸ್ತೂರು ಈಶ್ವರ್, ಸುರೇಶ, ಹುಲಿಗೆರೆಪುರ ಮಹಾದೇವು, ಕರವ, ಗುಡಿಗೆರೆ ಬಸವರಾಜು, ಪೋಲೀಸ್ ಮಹಾದೇವು, ವಿ.ಸಿ. ಗಿರೀಶ್, ಭಾನುಪ್ರಕಾಶ್ ಸೇರಿದಂತೆ ಇತರರು ಇದ್ದರು.
